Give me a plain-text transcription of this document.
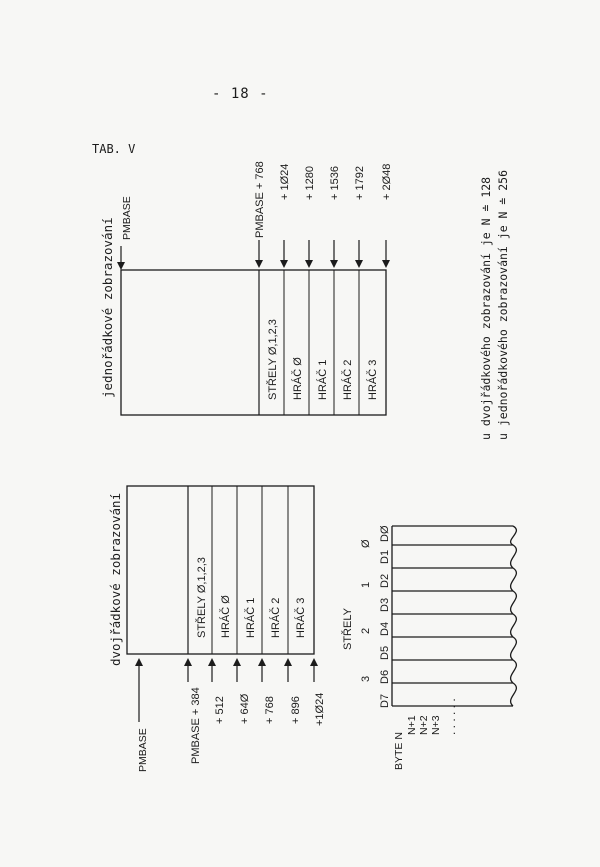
- 18 -
TAB. V
jednořádkové zobrazování PMBASE
STŘELY Ø,1,2,3 HRÁČ Ø HRÁČ 1 HRÁČ 2 HRÁČ 3
PMBASE + 768 + 1Ø24 + 1280 + 1536 + 1792 + 2Ø48	u dvojřádkového zobrazování je N ≐ 128 u jednořádkového zobrazování je N ≐ 256
dvojřádkové zobrazování
PMBASE
STŘELY Ø,1,2,3 HRÁČ Ø HRÁČ 1 HRÁČ 2 HRÁČ 3
PMBASE + 384 + 512 + 64Ø + 768 + 896 +1Ø24
STŘELY
3
2
1
Ø
D7
D6
D5
D4
D3
D2
D1
DØ
BYTE N
N+1 N+2 N+3 . . . . . .
